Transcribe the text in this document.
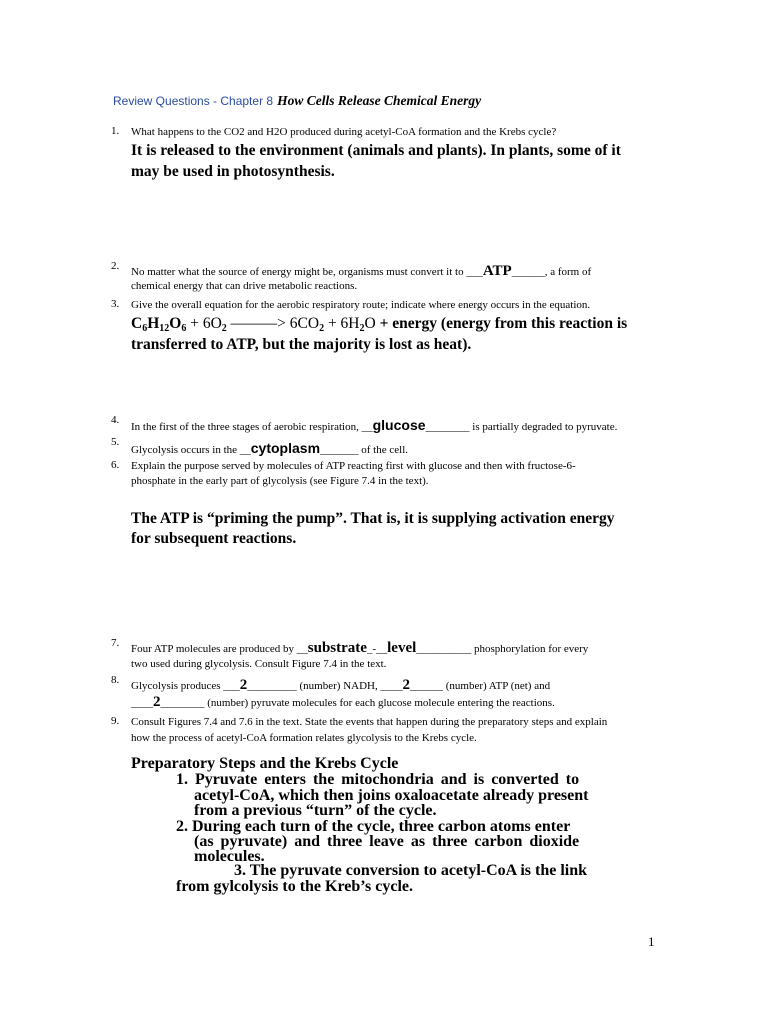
Review Questions - Chapter 8 How Cells Release Chemical Energy
1. What happens to the CO2 and H2O produced during acetyl-CoA formation and the Krebs cycle?
It is released to the environment (animals and plants). In plants, some of it
may be used in photosynthesis.
2. No matter what the source of energy might be, organisms must convert it to ___ATP______, a form of
chemical energy that can drive metabolic reactions.
3. Give the overall equation for the aerobic respiratory route; indicate where energy occurs in the equation.
$C_6H_{12}O_6 + 6O_2$ ———> $6CO_2 + 6H_2O$ + energy (energy from this reaction is
transferred to ATP, but the majority is lost as heat).
4.
In the first of the three stages of aerobic respiration, __glucose________ is partially degraded to pyruvate.
5.
Glycolysis occurs in the __cytoplasm_______ of the cell.
6. Explain the purpose served by molecules of ATP reacting first with glucose and then with fructose-6-
phosphate in the early part of glycolysis (see Figure 7.4 in the text).
The ATP is “priming the pump”. That is, it is supplying activation energy
for subsequent reactions.
7. Four ATP molecules are produced by __substrate_-__level__________ phosphorylation for every
two used during glycolysis. Consult Figure 7.4 in the text.
8. Glycolysis produces ___2_________ (number) NADH, ____2______ (number) ATP (net) and
____2________ (number) pyruvate molecules for each glucose molecule entering the reactions.
9. Consult Figures 7.4 and 7.6 in the text. State the events that happen during the preparatory steps and explain
how the process of acetyl-CoA formation relates glycolysis to the Krebs cycle.
Preparatory Steps and the Krebs Cycle
1. Pyruvate enters the mitochondria and is converted to
acetyl-CoA, which then joins oxaloacetate already present
from a previous “turn” of the cycle.
2. During each turn of the cycle, three carbon atoms enter
(as pyruvate) and three leave as three carbon dioxide
molecules.
3. The pyruvate conversion to acetyl-CoA is the link
from gylcolysis to the Kreb’s cycle.
1
